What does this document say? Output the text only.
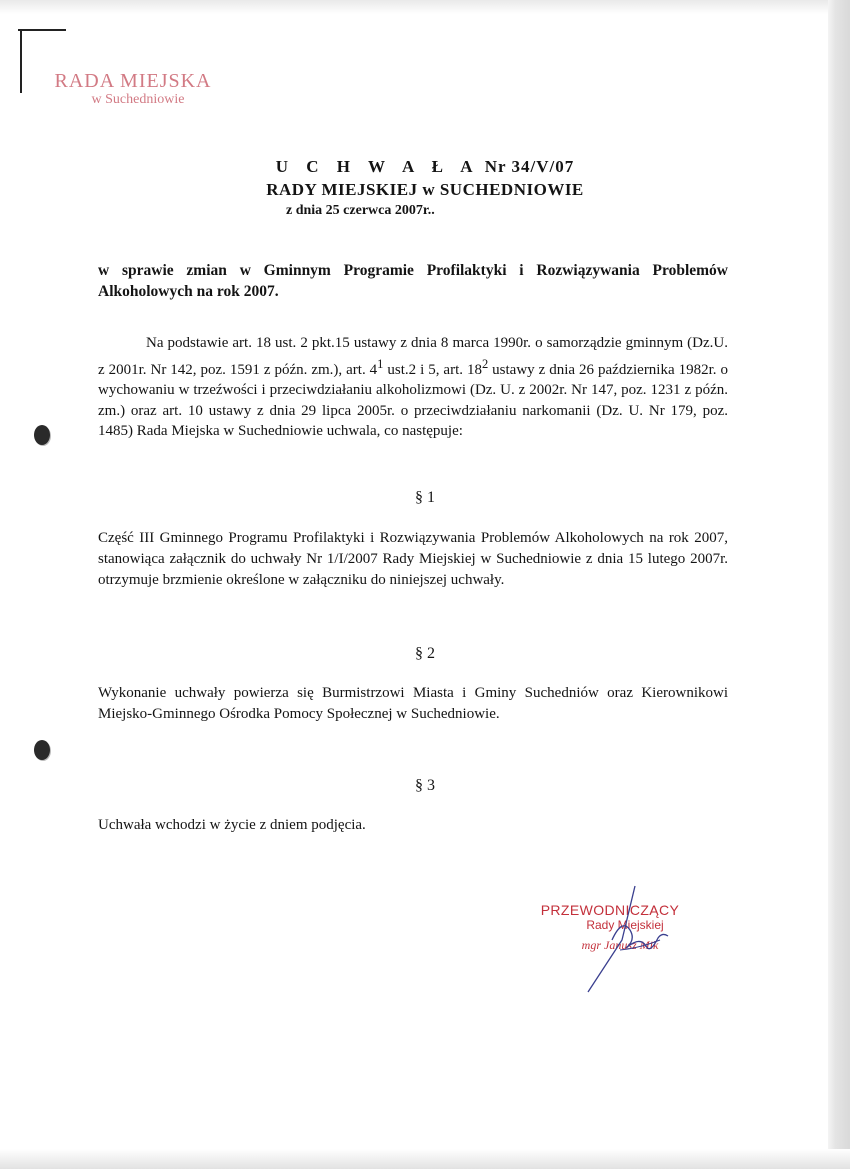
RADA MIEJSKA
w Suchedniowie
U C H W A Ł A Nr 34/V/07
RADY MIEJSKIEJ w SUCHEDNIOWIE
z dnia 25 czerwca 2007r..
w sprawie zmian w Gminnym Programie Profilaktyki i Rozwiązywania Problemów Alkoholowych na rok 2007.
Na podstawie art. 18 ust. 2 pkt.15 ustawy z dnia 8 marca 1990r. o samorządzie gminnym (Dz.U. z 2001r. Nr 142, poz. 1591 z późn. zm.), art. $4^1$ ust.2 i 5, art. $18^2$ ustawy z dnia 26 października 1982r. o wychowaniu w trzeźwości i przeciwdziałaniu alkoholizmowi (Dz. U. z 2002r. Nr 147, poz. 1231 z późn. zm.) oraz art. 10 ustawy z dnia 29 lipca 2005r. o przeciwdziałaniu narkomanii (Dz. U. Nr 179, poz. 1485) Rada Miejska w Suchedniowie uchwala, co następuje:
§ 1
Część III Gminnego Programu Profilaktyki i Rozwiązywania Problemów Alkoholowych na rok 2007, stanowiąca załącznik do uchwały Nr 1/I/2007 Rady Miejskiej w Suchedniowie z dnia 15 lutego 2007r. otrzymuje brzmienie określone w załączniku do niniejszej uchwały.
§ 2
Wykonanie uchwały powierza się Burmistrzowi Miasta i Gminy Suchedniów oraz Kierownikowi Miejsko-Gminnego Ośrodka Pomocy Społecznej w Suchedniowie.
§ 3
Uchwała wchodzi w życie z dniem podjęcia.
PRZEWODNICZĄCY
Rady Miejskiej
mgr Janusz Mik
